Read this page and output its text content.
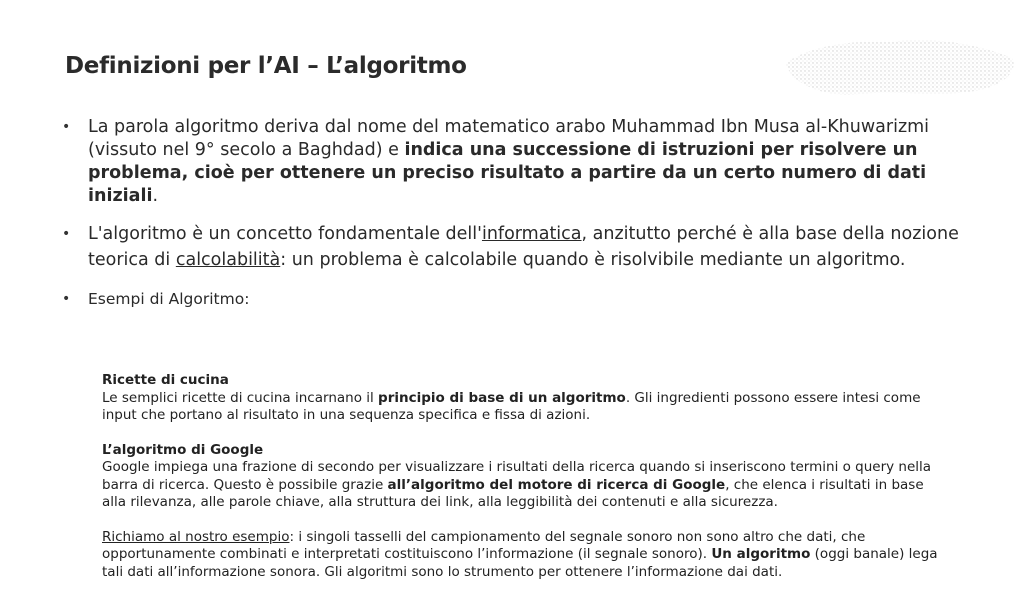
Definizioni per l’AI – L’algoritmo
•	La parola algoritmo deriva dal nome del matematico arabo Muhammad Ibn Musa al-Khuwarizmi (vissuto nel 9° secolo a Baghdad) e indica una successione di istruzioni per risolvere un problema, cioè per ottenere un preciso risultato a partire da un certo numero di dati iniziali.
•	L'algoritmo è un concetto fondamentale dell'informatica, anzitutto perché è alla base della nozione teorica di calcolabilità: un problema è calcolabile quando è risolvibile mediante un algoritmo.
•	Esempi di Algoritmo:
Ricette di cucina
Le semplici ricette di cucina incarnano il principio di base di un algoritmo. Gli ingredienti possono essere intesi come input che portano al risultato in una sequenza specifica e fissa di azioni.
L’algoritmo di Google
Google impiega una frazione di secondo per visualizzare i risultati della ricerca quando si inseriscono termini o query nella barra di ricerca. Questo è possibile grazie all’algoritmo del motore di ricerca di Google, che elenca i risultati in base alla rilevanza, alle parole chiave, alla struttura dei link, alla leggibilità dei contenuti e alla sicurezza.
Richiamo al nostro esempio: i singoli tasselli del campionamento del segnale sonoro non sono altro che dati, che opportunamente combinati e interpretati costituiscono l’informazione (il segnale sonoro). Un algoritmo (oggi banale) lega tali dati all’informazione sonora. Gli algoritmi sono lo strumento per ottenere l’informazione dai dati.
